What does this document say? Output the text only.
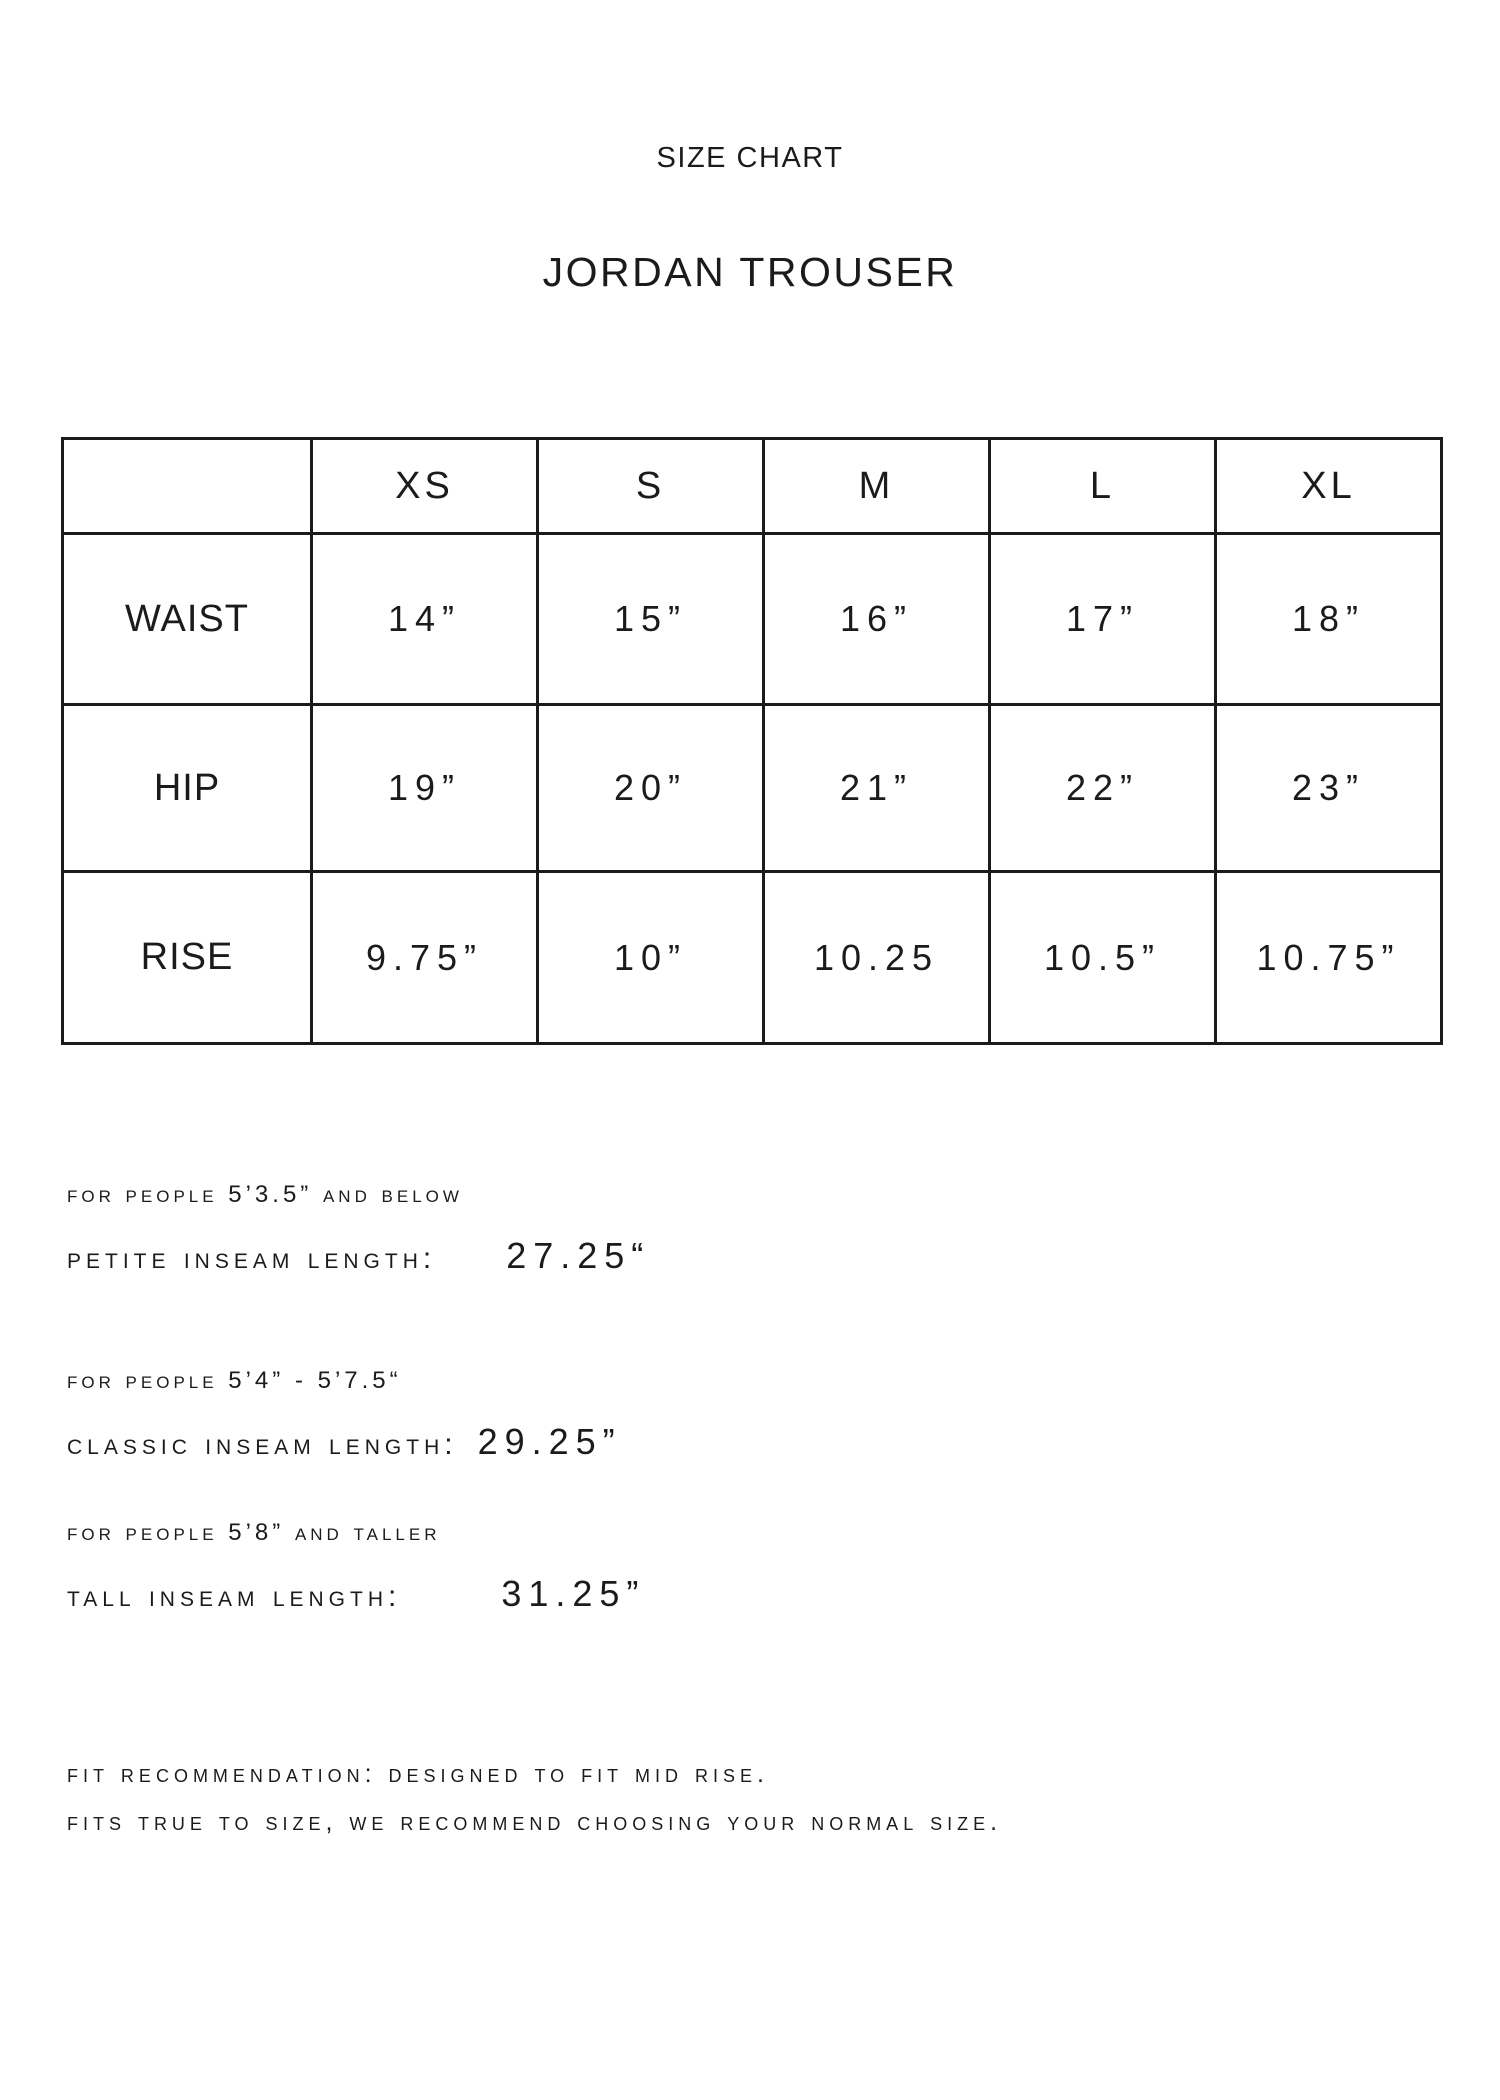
SIZE CHART
JORDAN TROUSER
	XS	S	M	L	XL
WAIST	14”	15”	16”	17”	18”
HIP	19”	20”	21”	22”	23”
RISE	9.75”	10”	10.25	10.5”	10.75”
for people 5’3.5” and below
petite inseam length: 27.25“
for people 5’4” - 5’7.5“
classic inseam length: 29.25”
for people 5’8” and taller
tall inseam length:	31.25”
fit recommendation: designed to fit mid rise.
fits true to size, we recommend choosing your normal size.
